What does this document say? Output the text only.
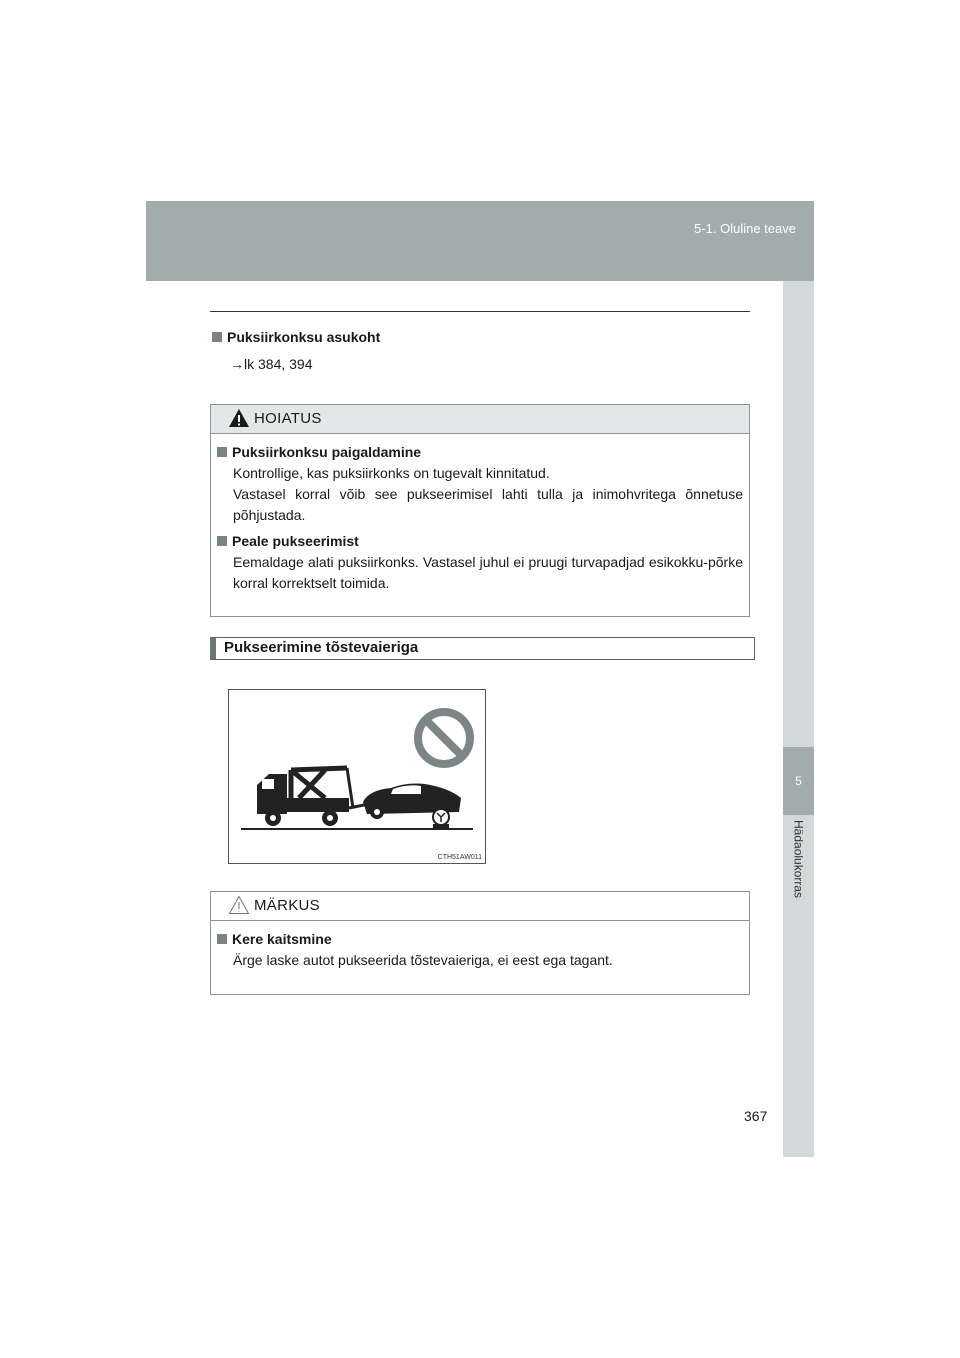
5-1. Oluline teave
5
Hädaolukorras
Puksiirkonksu asukoht
→lk 384, 394
HOIATUS
Puksiirkonksu paigaldamine
Kontrollige, kas puksiirkonks on tugevalt kinnitatud.
Vastasel korral võib see pukseerimisel lahti tulla ja inimohvritega õnnetuse põhjustada.
Peale pukseerimist
Eemaldage alati puksiirkonks. Vastasel juhul ei pruugi turvapadjad esikokku-põrke korral korrektselt toimida.
Pukseerimine tõstevaieriga
CTH51AW011
MÄRKUS
Kere kaitsmine
Ärge laske autot pukseerida tõstevaieriga, ei eest ega tagant.
367
